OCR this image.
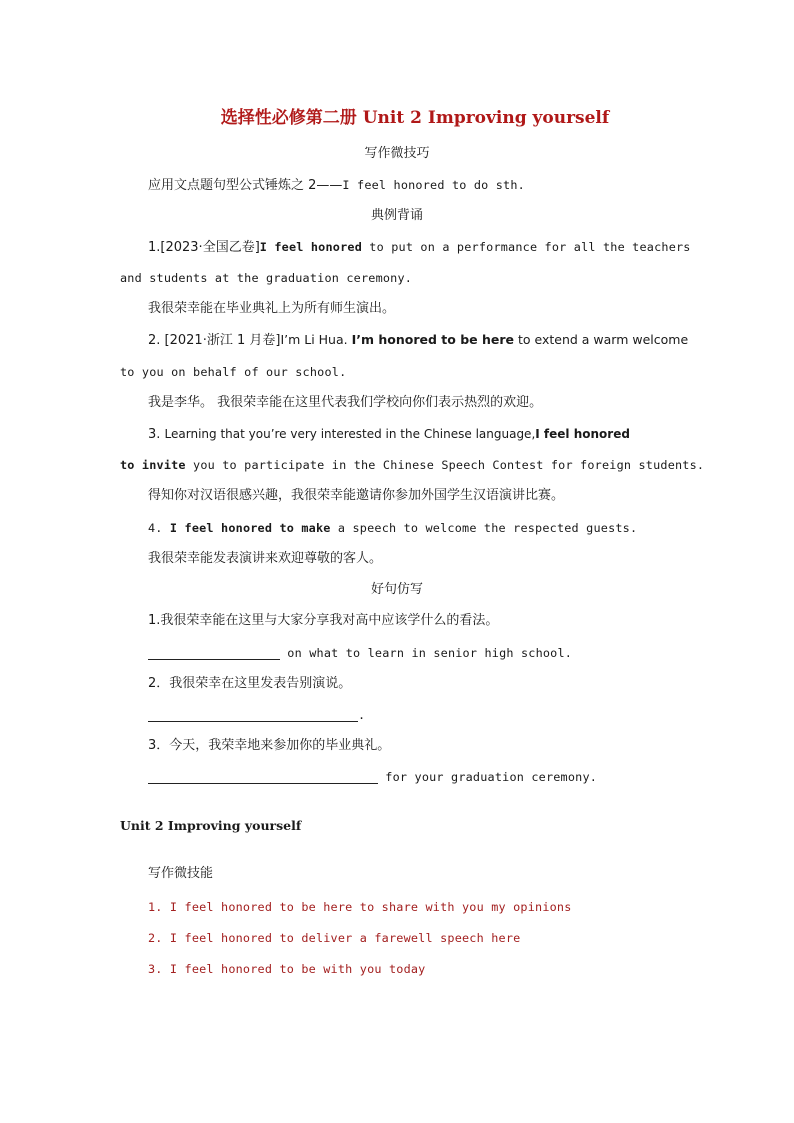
选择性必修第二册 Unit 2 Improving yourself
写作微技巧
应用文点题句型公式锤炼之 2——I feel honored to do sth.
典例背诵
1.[2023·全国乙卷]I feel honored to put on a performance for all the teachers
and students at the graduation ceremony.
我很荣幸能在毕业典礼上为所有师生演出。
2. [2021·浙江 1 月卷]I’m Li Hua. I’m honored to be here to extend a warm welcome
to you on behalf of our school.
我是李华。 我很荣幸能在这里代表我们学校向你们表示热烈的欢迎。
3. Learning that you’re very interested in the Chinese language,I feel honored
to invite you to participate in the Chinese Speech Contest for foreign students.
得知你对汉语很感兴趣，我很荣幸能邀请你参加外国学生汉语演讲比赛。
4. I feel honored to make a speech to welcome the respected guests.
我很荣幸能发表演讲来欢迎尊敬的客人。
好句仿写
1.我很荣幸能在这里与大家分享我对高中应该学什么的看法。
on what to learn in senior high school.
2．我很荣幸在这里发表告别演说。
.
3．今天，我荣幸地来参加你的毕业典礼。
for your graduation ceremony.
Unit 2 Improving yourself
写作微技能
1. I feel honored to be here to share with you my opinions
2. I feel honored to deliver a farewell speech here
3. I feel honored to be with you today
